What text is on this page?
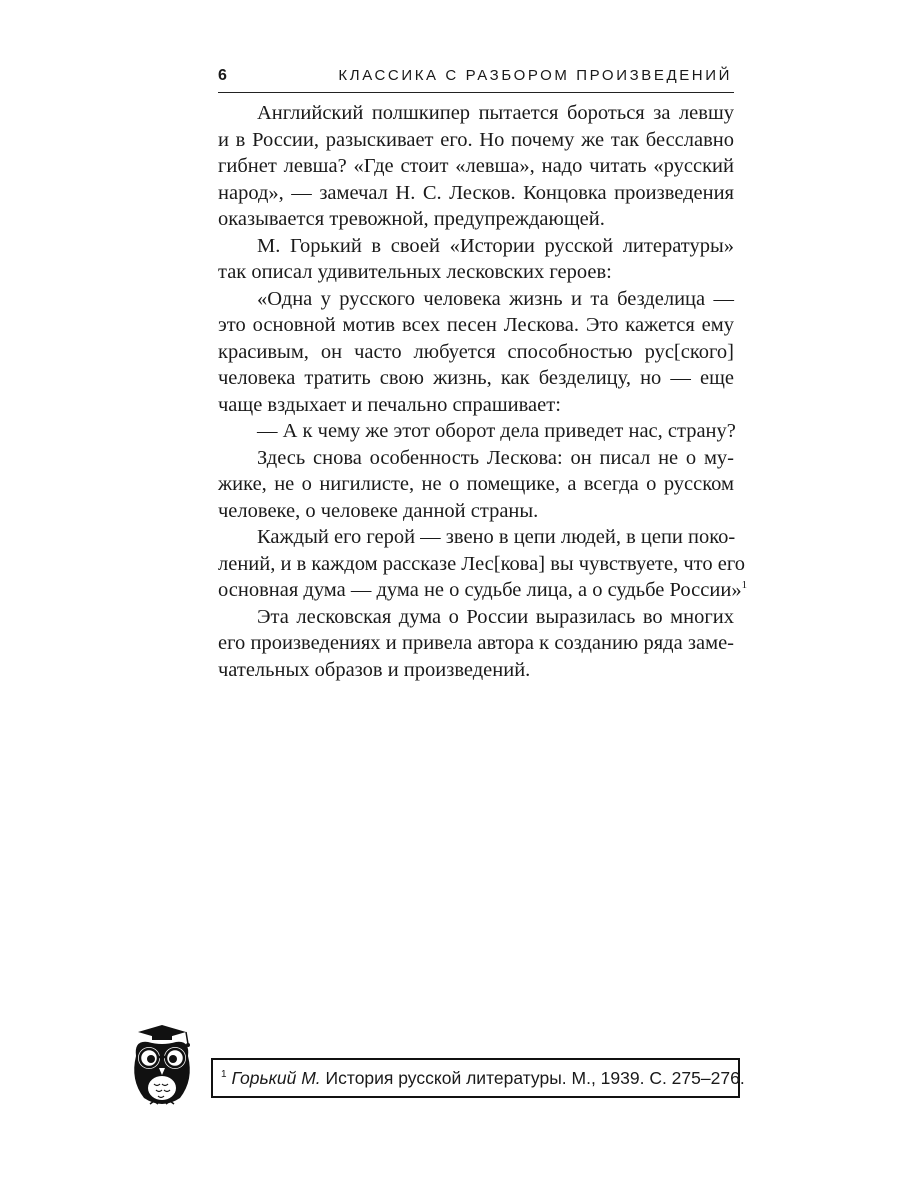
6	КЛАССИКА С РАЗБОРОМ ПРОИЗВЕДЕНИЙ
Английский полшкипер пытается бороться за левшу
и в России, разыскивает его. Но почему же так бесславно
гибнет левша? «Где стоит «левша», надо читать «русский
народ», — замечал Н. С. Лесков. Концовка произведения
оказывается тревожной, предупреждающей.
М. Горький в своей «Истории русской литературы»
так описал удивительных лесковских героев:
«Одна у русского человека жизнь и та безделица —
это основной мотив всех песен Лескова. Это кажется ему
красивым, он часто любуется способностью рус[ского]
человека тратить свою жизнь, как безделицу, но — еще
чаще вздыхает и печально спрашивает:
— А к чему же этот оборот дела приведет нас, страну?
Здесь снова особенность Лескова: он писал не о му-
жике, не о нигилисте, не о помещике, а всегда о русском
человеке, о человеке данной страны.
Каждый его герой — звено в цепи людей, в цепи поко-
лений, и в каждом рассказе Лес[кова] вы чувствуете, что его
основная дума — дума не о судьбе лица, а о судьбе России»$^1$
Эта лесковская дума о России выразилась во многих
его произведениях и привела автора к созданию ряда заме-
чательных образов и произведений.
$^1$ Горький М. История русской литературы. М., 1939. С. 275–276.
